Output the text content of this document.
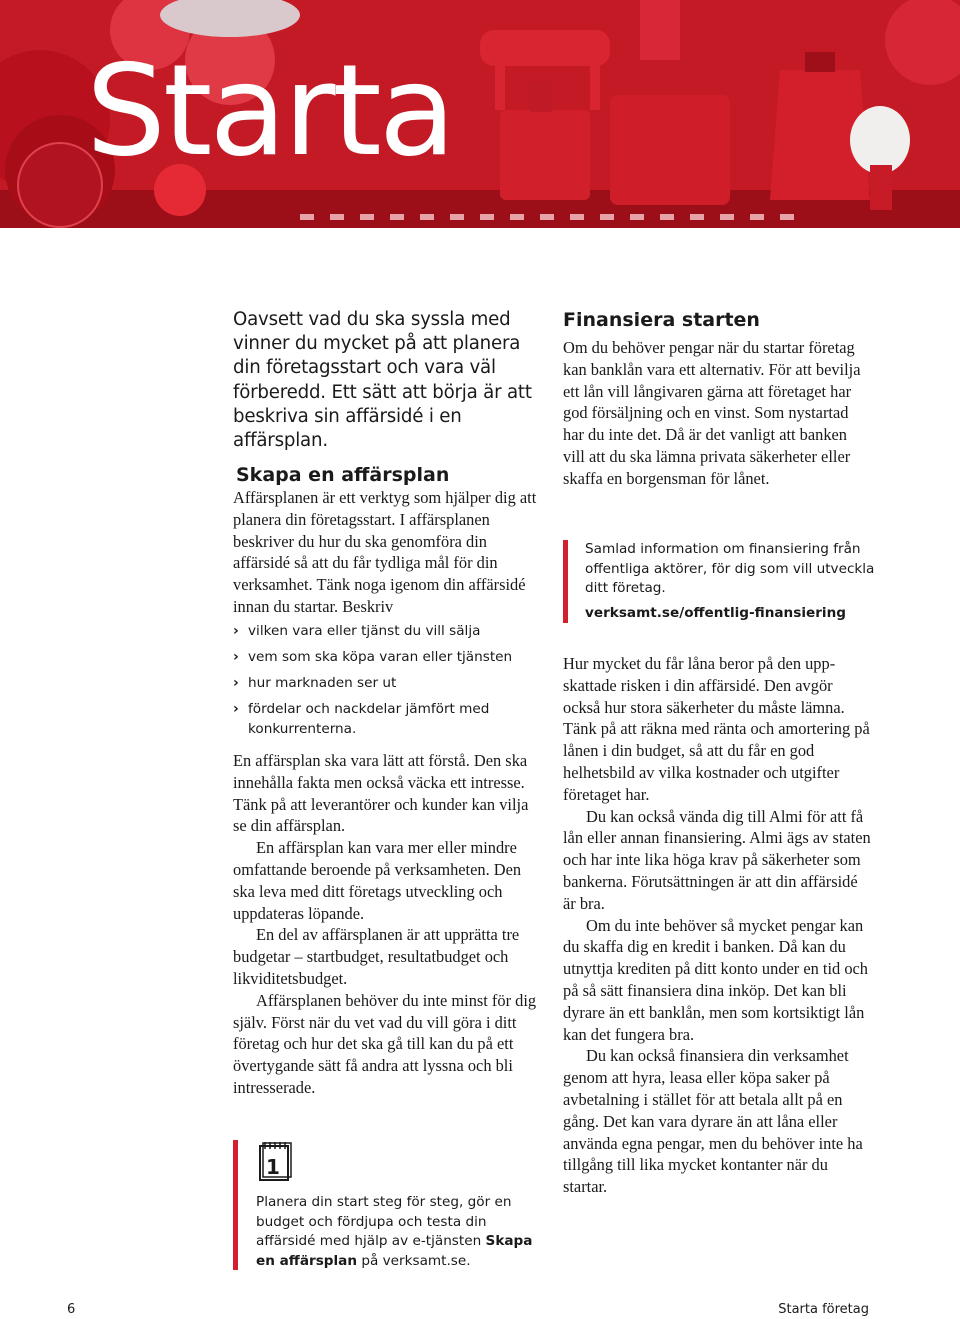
Starta

Oavsett vad du ska syssla med vinner du mycket på att planera din företagsstart och vara väl förberedd. Ett sätt att börja är att beskriva sin affärsidé i en affärsplan.

Skapa en affärsplan

Affärsplanen är ett verktyg som hjälper dig att planera din företagsstart. I affärsplanen beskriver du hur du ska genomföra din affärsidé så att du får tydliga mål för din verksamhet. Tänk noga igenom din affärsidé innan du startar. Beskriv

› vilken vara eller tjänst du vill sälja
› vem som ska köpa varan eller tjänsten
› hur marknaden ser ut
› fördelar och nackdelar jämfört med konkurrenterna.

En affärsplan ska vara lätt att förstå. Den ska innehålla fakta men också väcka ett intresse. Tänk på att leverantörer och kunder kan vilja se din affärsplan.

En affärsplan kan vara mer eller mindre omfattande beroende på verksamheten. Den ska leva med ditt företags utveckling och uppdateras löpande.

En del av affärsplanen är att upprätta tre budgetar – startbudget, resultatbudget och likviditetsbudget.

Affärsplanen behöver du inte minst för dig själv. Först när du vet vad du vill göra i ditt företag och hur det ska gå till kan du på ett övertygande sätt få andra att lyssna och bli intresserade.

1

Planera din start steg för steg, gör en budget och fördjupa och testa din affärsidé med hjälp av e-tjänsten Skapa en affärsplan på verksamt.se.

Finansiera starten

Om du behöver pengar när du startar företag kan banklån vara ett alternativ. För att bevilja ett lån vill långivaren gärna att företaget har god försäljning och en vinst. Som nystartad har du inte det. Då är det vanligt att banken vill att du ska lämna privata säkerheter eller skaffa en borgensman för lånet.

Samlad information om finansiering från offentliga aktörer, för dig som vill utveckla ditt företag.

verksamt.se/offentlig-finansiering

Hur mycket du får låna beror på den uppskattade risken i din affärsidé. Den avgör också hur stora säkerheter du måste lämna. Tänk på att räkna med ränta och amortering på lånen i din budget, så att du får en god helhetsbild av vilka kostnader och utgifter företaget har.

Du kan också vända dig till Almi för att få lån eller annan finansiering. Almi ägs av staten och har inte lika höga krav på säkerheter som bankerna. Förutsättningen är att din affärsidé är bra.

Om du inte behöver så mycket pengar kan du skaffa dig en kredit i banken. Då kan du utnyttja krediten på ditt konto under en tid och på så sätt finansiera dina inköp. Det kan bli dyrare än ett banklån, men som kortsiktigt lån kan det fungera bra.

Du kan också finansiera din verksamhet genom att hyra, leasa eller köpa saker på avbetalning i stället för att betala allt på en gång. Det kan vara dyrare än att låna eller använda egna pengar, men du behöver inte ha tillgång till lika mycket kontanter när du startar.

6	Starta företag
